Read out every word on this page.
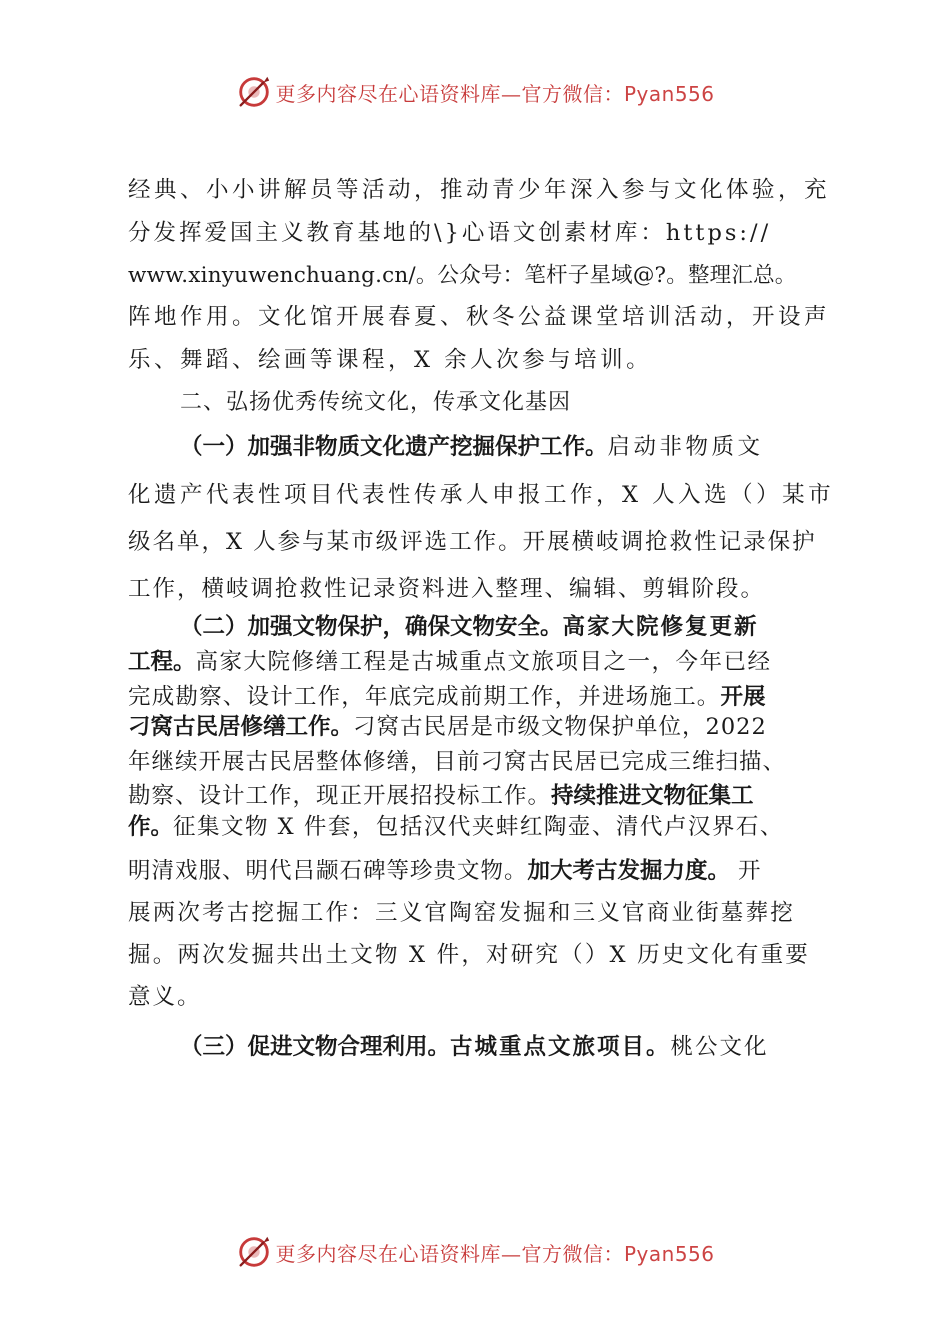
更多内容尽在心语资料库—官方微信：Pyan556
经典、小小讲解员等活动，推动青少年深入参与文化体验，充
分发挥爱国主义教育基地的\}心语文创素材库：https://
www.xinyuwenchuang.cn/。公众号：笔杆子星域@?。整理汇总。
阵地作用。文化馆开展春夏、秋冬公益课堂培训活动，开设声
乐、舞蹈、绘画等课程，X 余人次参与培训。
二、弘扬优秀传统文化，传承文化基因
（一）加强非物质文化遗产挖掘保护工作。启动非物质文
化遗产代表性项目代表性传承人申报工作，X 人入选（）某市
级名单，X 人参与某市级评选工作。开展横岐调抢救性记录保护
工作，横岐调抢救性记录资料进入整理、编辑、剪辑阶段。
（二）加强文物保护，确保文物安全。高家大院修复更新
工程。高家大院修缮工程是古城重点文旅项目之一，今年已经
完成勘察、设计工作，年底完成前期工作，并进场施工。开展
刁窝古民居修缮工作。刁窝古民居是市级文物保护单位，2022
年继续开展古民居整体修缮，目前刁窝古民居已完成三维扫描、
勘察、设计工作，现正开展招投标工作。持续推进文物征集工
作。征集文物 X 件套，包括汉代夹蚌红陶壶、清代卢汉界石、
明清戏服、明代吕颛石碑等珍贵文物。加大考古发掘力度。 开
展两次考古挖掘工作：三义官陶窑发掘和三义官商业街墓葬挖
掘。两次发掘共出土文物 X 件，对研究（）X 历史文化有重要
意义。
（三）促进文物合理利用。古城重点文旅项目。桃公文化
更多内容尽在心语资料库—官方微信：Pyan556
